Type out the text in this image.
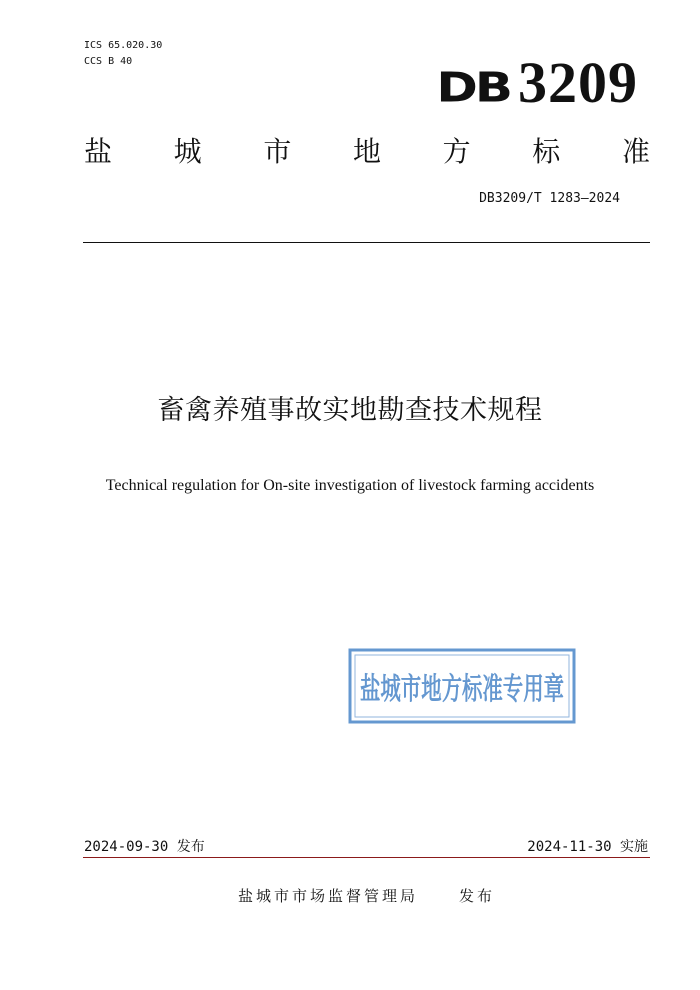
ICS 65.020.30
CCS B 40
DB 3209
盐 城 市 地 方 标 准
DB3209/T 1283—2024
畜禽养殖事故实地勘查技术规程
Technical regulation for On-site investigation of livestock farming accidents
盐城市地方标准专用章
2024-09-30 发布	2024-11-30 实施
盐城市市场监督管理局	发布
